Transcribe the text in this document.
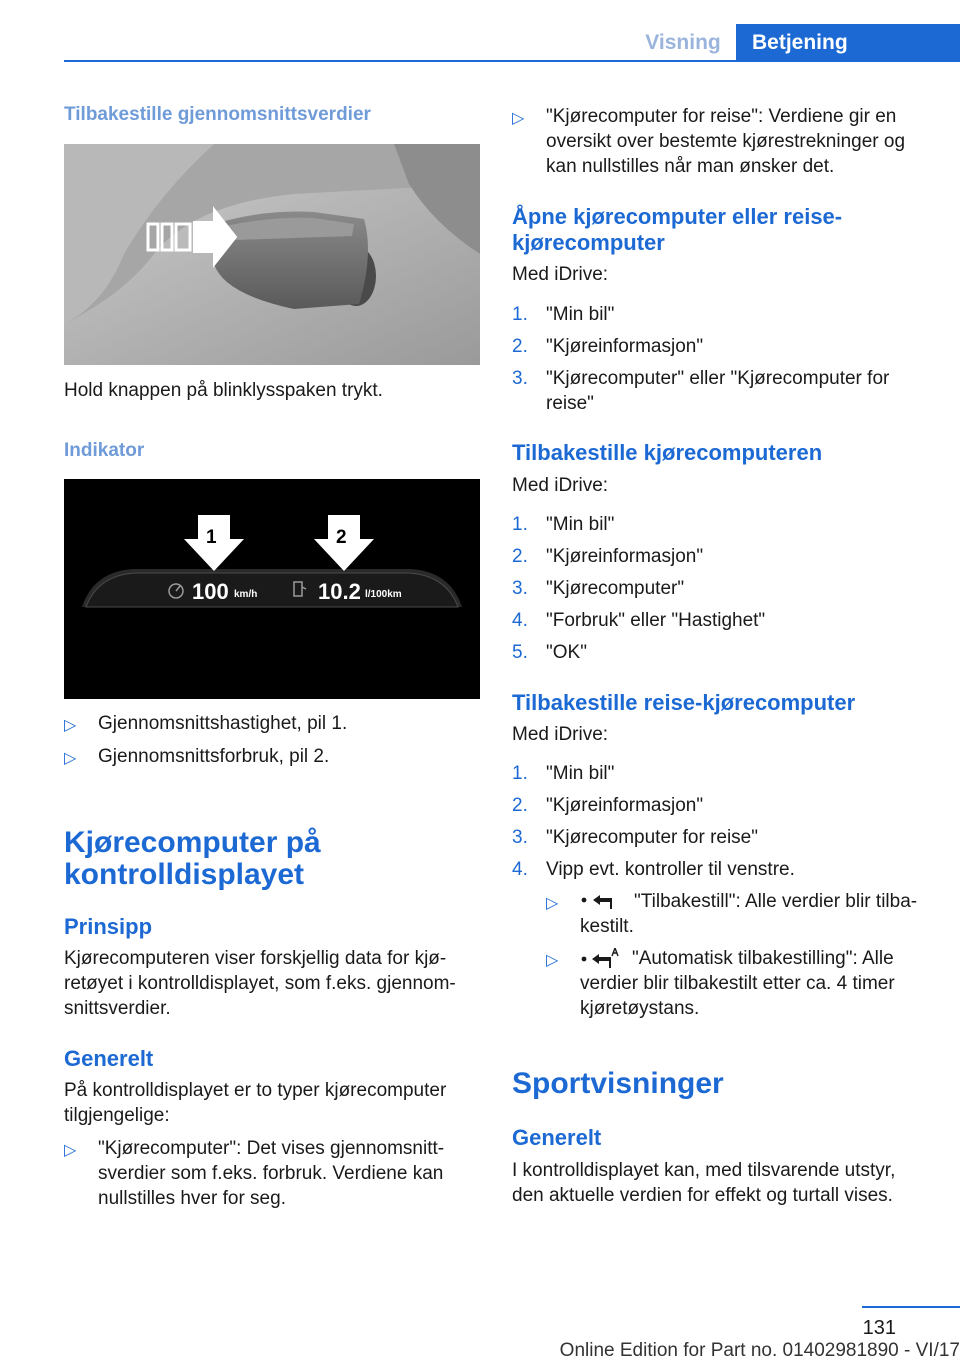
Visning	Betjening
Tilbakestille gjennomsnittsverdier
Hold knappen på blinklysspaken trykt.
Indikator
1	2
100 km/h	10.2 l/100km
▷ Gjennomsnittshastighet, pil 1.
▷ Gjennomsnittsforbruk, pil 2.
Kjørecomputer på
kontrolldisplayet
Prinsipp
Kjørecomputeren viser forskjellig data for kjø-
retøyet i kontrolldisplayet, som f.eks. gjennom-
snittsverdier.
Generelt
På kontrolldisplayet er to typer kjørecomputer
tilgjengelige:
▷ "Kjørecomputer": Det vises gjennomsnitt-
sverdier som f.eks. forbruk. Verdiene kan
nullstilles hver for seg.
▷ "Kjørecomputer for reise": Verdiene gir en
oversikt over bestemte kjørestrekninger og
kan nullstilles når man ønsker det.
Åpne kjørecomputer eller reise-
kjørecomputer
Med iDrive:
1. "Min bil"
2. "Kjøreinformasjon"
3. "Kjørecomputer" eller "Kjørecomputer for
reise"
Tilbakestille kjørecomputeren
Med iDrive:
1. "Min bil"
2. "Kjøreinformasjon"
3. "Kjørecomputer"
4. "Forbruk" eller "Hastighet"
5. "OK"
Tilbakestille reise-kjørecomputer
Med iDrive:
1. "Min bil"
2. "Kjøreinformasjon"
3. "Kjørecomputer for reise"
4. Vipp evt. kontroller til venstre.
▷	"Tilbakestill": Alle verdier blir tilba-
kestilt.
▷	"Automatisk tilbakestilling": Alle
verdier blir tilbakestilt etter ca. 4 timer
kjøretøystans.
Sportvisninger
Generelt
I kontrolldisplayet kan, med tilsvarende utstyr,
den aktuelle verdien for effekt og turtall vises.
131
Online Edition for Part no. 01402981890 - VI/17
